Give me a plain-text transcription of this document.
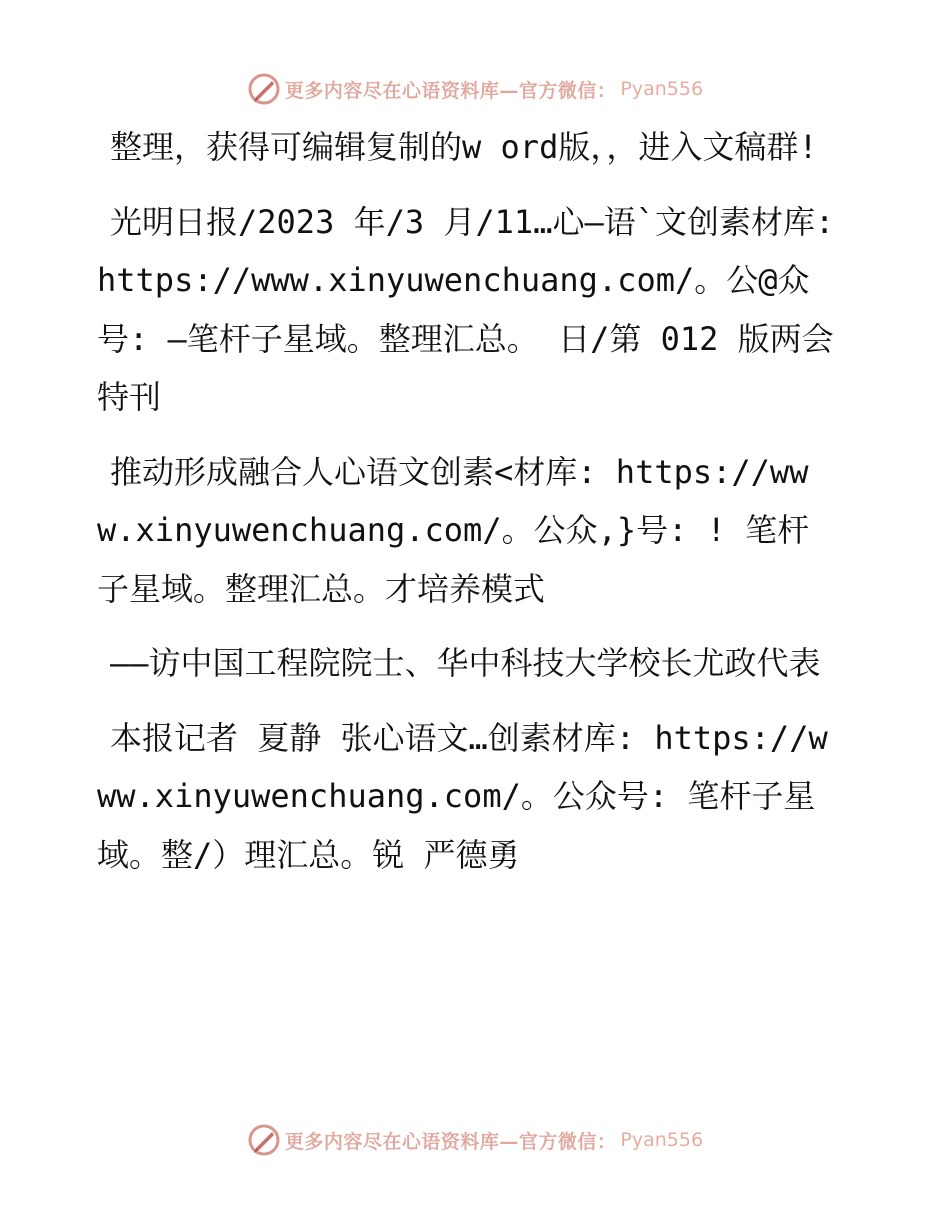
更多内容尽在心语资料库—官方微信： Pyan556

整理，获得可编辑复制的w ord版，，进入文稿群!

光明日报/2023 年/3 月/11…心—语`文创素材库: https://www.xinyuwenchuang.com/。公@众号: —笔杆子星域。整理汇总。 日/第 012 版两会特刊

推动形成融合人心语文创素<材库: https://www.xinyuwenchuang.com/。公众,}号: ! 笔杆子星域。整理汇总。才培养模式

——访中国工程院院士、华中科技大学校长尤政代表

本报记者 夏静 张心语文…创素材库: https://www.xinyuwenchuang.com/。公众号: 笔杆子星域。整/）理汇总。锐 严德勇

更多内容尽在心语资料库—官方微信： Pyan556
